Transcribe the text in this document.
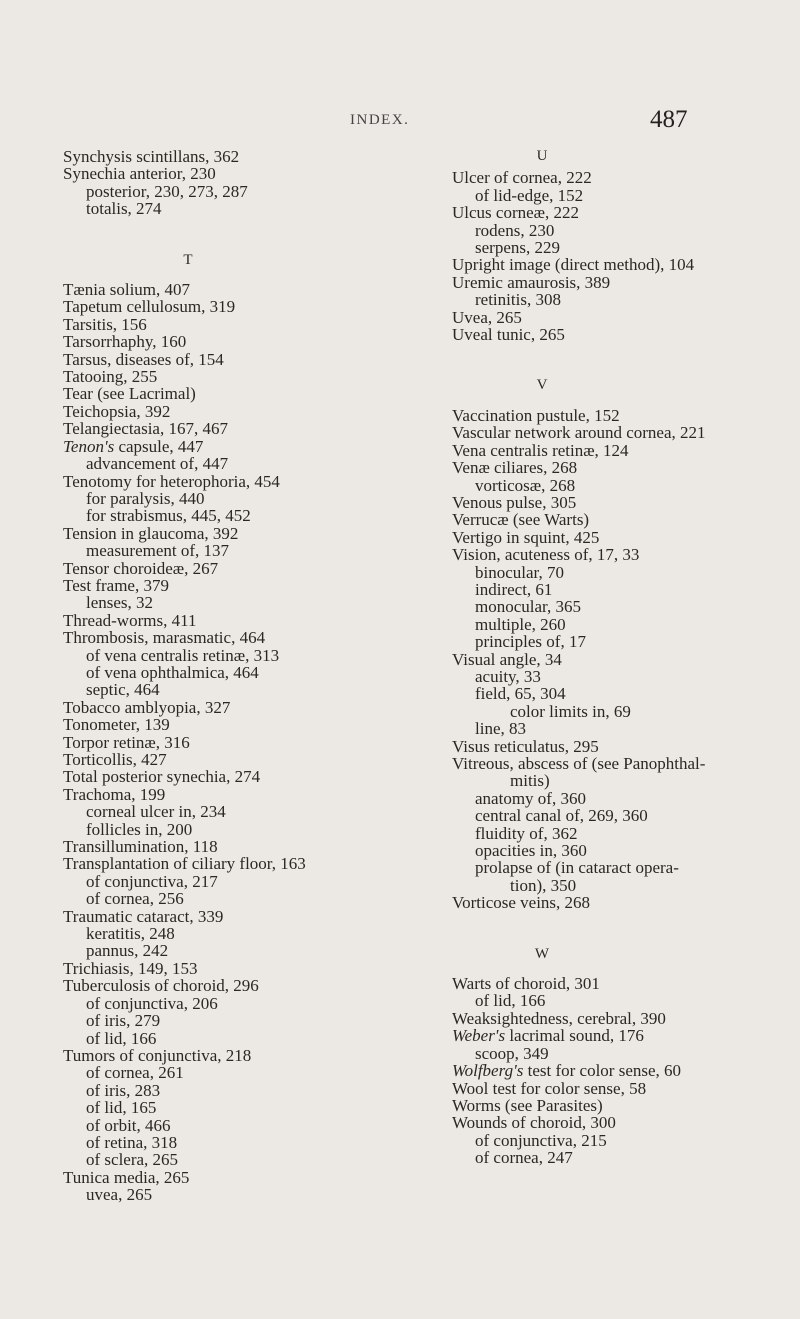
INDEX.	487
Synchysis scintillans, 362
Synechia anterior, 230
posterior, 230, 273, 287
totalis, 274
T
Tænia solium, 407
Tapetum cellulosum, 319
Tarsitis, 156
Tarsorrhaphy, 160
Tarsus, diseases of, 154
Tatooing, 255
Tear (see Lacrimal)
Teichopsia, 392
Telangiectasia, 167, 467
Tenon's capsule, 447
advancement of, 447
Tenotomy for heterophoria, 454
for paralysis, 440
for strabismus, 445, 452
Tension in glaucoma, 392
measurement of, 137
Tensor choroideæ, 267
Test frame, 379
lenses, 32
Thread-worms, 411
Thrombosis, marasmatic, 464
of vena centralis retinæ, 313
of vena ophthalmica, 464
septic, 464
Tobacco amblyopia, 327
Tonometer, 139
Torpor retinæ, 316
Torticollis, 427
Total posterior synechia, 274
Trachoma, 199
corneal ulcer in, 234
follicles in, 200
Transillumination, 118
Transplantation of ciliary floor, 163
of conjunctiva, 217
of cornea, 256
Traumatic cataract, 339
keratitis, 248
pannus, 242
Trichiasis, 149, 153
Tuberculosis of choroid, 296
of conjunctiva, 206
of iris, 279
of lid, 166
Tumors of conjunctiva, 218
of cornea, 261
of iris, 283
of lid, 165
of orbit, 466
of retina, 318
of sclera, 265
Tunica media, 265
uvea, 265
U
Ulcer of cornea, 222
of lid-edge, 152
Ulcus corneæ, 222
rodens, 230
serpens, 229
Upright image (direct method), 104
Uremic amaurosis, 389
retinitis, 308
Uvea, 265
Uveal tunic, 265
V
Vaccination pustule, 152
Vascular network around cornea, 221
Vena centralis retinæ, 124
Venæ ciliares, 268
vorticosæ, 268
Venous pulse, 305
Verrucæ (see Warts)
Vertigo in squint, 425
Vision, acuteness of, 17, 33
binocular, 70
indirect, 61
monocular, 365
multiple, 260
principles of, 17
Visual angle, 34
acuity, 33
field, 65, 304
color limits in, 69
line, 83
Visus reticulatus, 295
Vitreous, abscess of (see Panophthal-
mitis)
anatomy of, 360
central canal of, 269, 360
fluidity of, 362
opacities in, 360
prolapse of (in cataract opera-
tion), 350
Vorticose veins, 268
W
Warts of choroid, 301
of lid, 166
Weaksightedness, cerebral, 390
Weber's lacrimal sound, 176
scoop, 349
Wolfberg's test for color sense, 60
Wool test for color sense, 58
Worms (see Parasites)
Wounds of choroid, 300
of conjunctiva, 215
of cornea, 247
